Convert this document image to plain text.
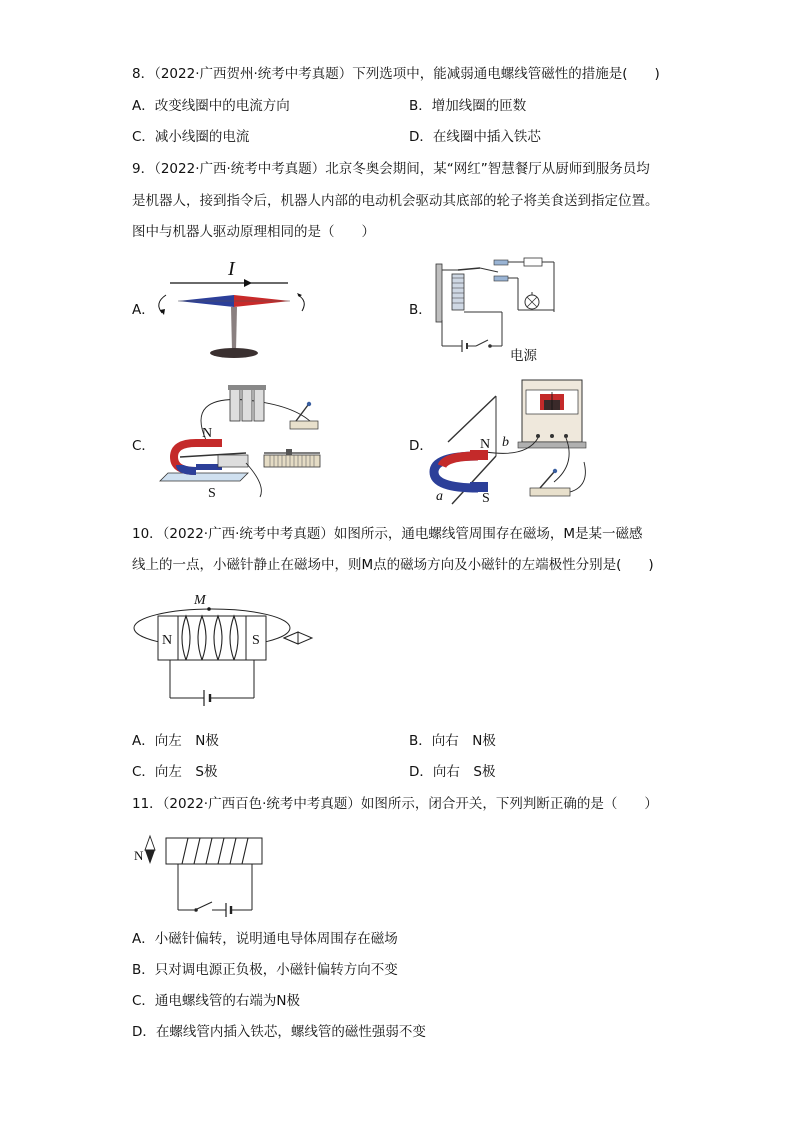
8．（2022·广西贺州·统考中考真题）下列选项中，能减弱通电螺线管磁性的措施是(　　)
A．改变线圈中的电流方向	B．增加线圈的匝数
C．减小线圈的电流	D．在线圈中插入铁芯
9．（2022·广西·统考中考真题）北京冬奥会期间，某“网红”智慧餐厅从厨师到服务员均
是机器人，接到指令后，机器人内部的电动机会驱动其底部的轮子将美食送到指定位置。
图中与机器人驱动原理相同的是（　　）
A．	B．
C．	D．
I
电源
N
S
N
S
a
b
10．（2022·广西·统考中考真题）如图所示，通电螺线管周围存在磁场，M是某一磁感
线上的一点，小磁针静止在磁场中，则M点的磁场方向及小磁针的左端极性分别是(　　)
M
N	S
A．向左　N极	B．向右　N极
C．向左　S极	D．向右　S极
11．（2022·广西百色·统考中考真题）如图所示，闭合开关，下列判断正确的是（　　）
N
A．小磁针偏转，说明通电导体周围存在磁场
B．只对调电源正负极，小磁针偏转方向不变
C．通电螺线管的右端为N极
D．在螺线管内插入铁芯，螺线管的磁性强弱不变
